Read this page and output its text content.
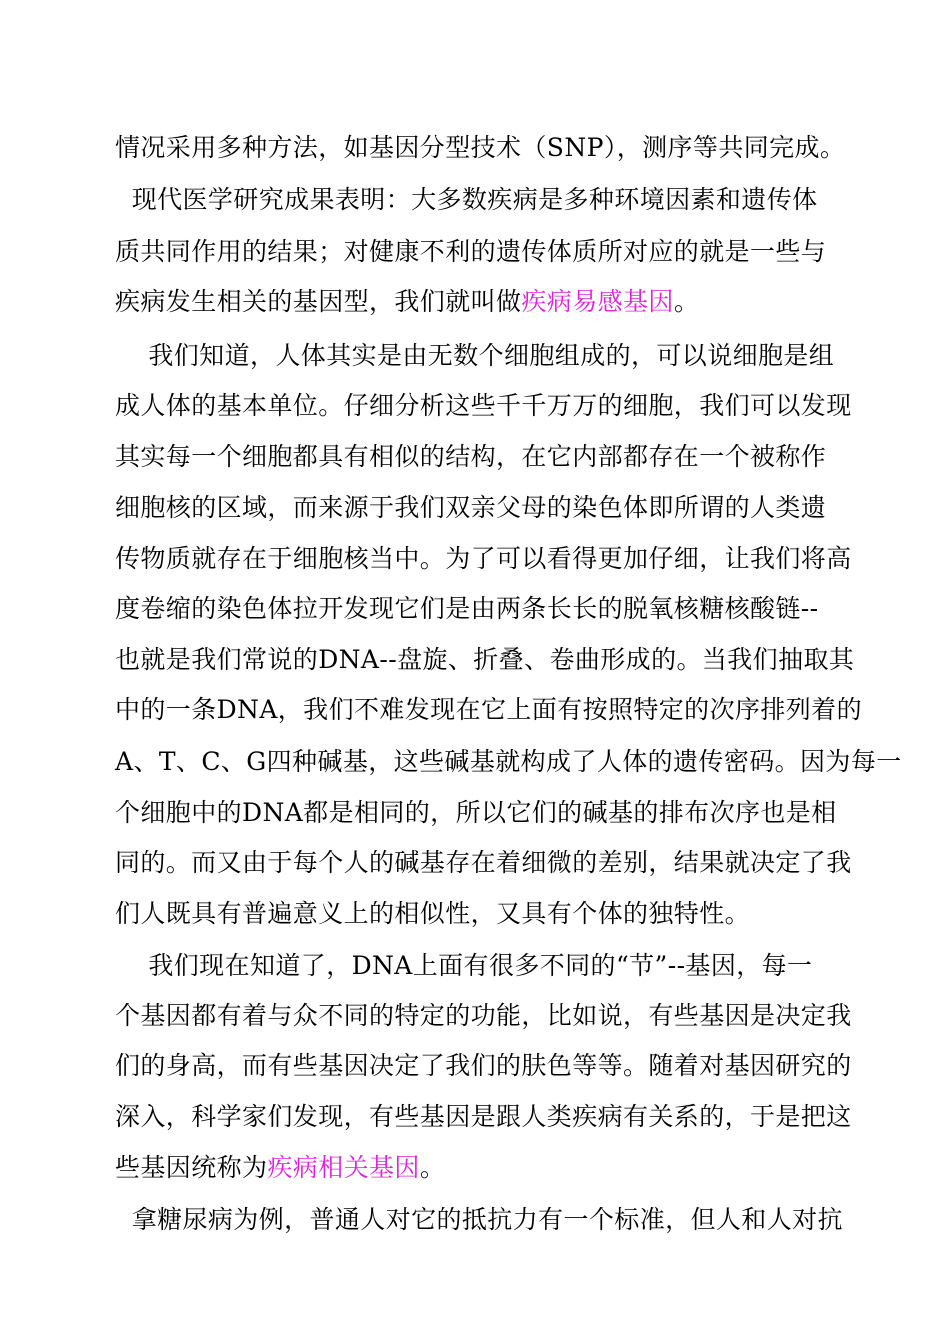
情况采用多种方法，如基因分型技术（SNP），测序等共同完成。
现代医学研究成果表明：大多数疾病是多种环境因素和遗传体
质共同作用的结果；对健康不利的遗传体质所对应的就是一些与
疾病发生相关的基因型，我们就叫做疾病易感基因。
我们知道，人体其实是由无数个细胞组成的，可以说细胞是组
成人体的基本单位。仔细分析这些千千万万的细胞，我们可以发现
其实每一个细胞都具有相似的结构，在它内部都存在一个被称作
细胞核的区域，而来源于我们双亲父母的染色体即所谓的人类遗
传物质就存在于细胞核当中。为了可以看得更加仔细，让我们将高
度卷缩的染色体拉开发现它们是由两条长长的脱氧核糖核酸链--
也就是我们常说的DNA--盘旋、折叠、卷曲形成的。当我们抽取其
中的一条DNA，我们不难发现在它上面有按照特定的次序排列着的
A、T、C、G四种碱基，这些碱基就构成了人体的遗传密码。因为每一
个细胞中的DNA都是相同的，所以它们的碱基的排布次序也是相
同的。而又由于每个人的碱基存在着细微的差别，结果就决定了我
们人既具有普遍意义上的相似性，又具有个体的独特性。
我们现在知道了，DNA上面有很多不同的“节”--基因，每一
个基因都有着与众不同的特定的功能，比如说，有些基因是决定我
们的身高，而有些基因决定了我们的肤色等等。随着对基因研究的
深入，科学家们发现，有些基因是跟人类疾病有关系的，于是把这
些基因统称为疾病相关基因。
拿糖尿病为例，普通人对它的抵抗力有一个标准，但人和人对抗
